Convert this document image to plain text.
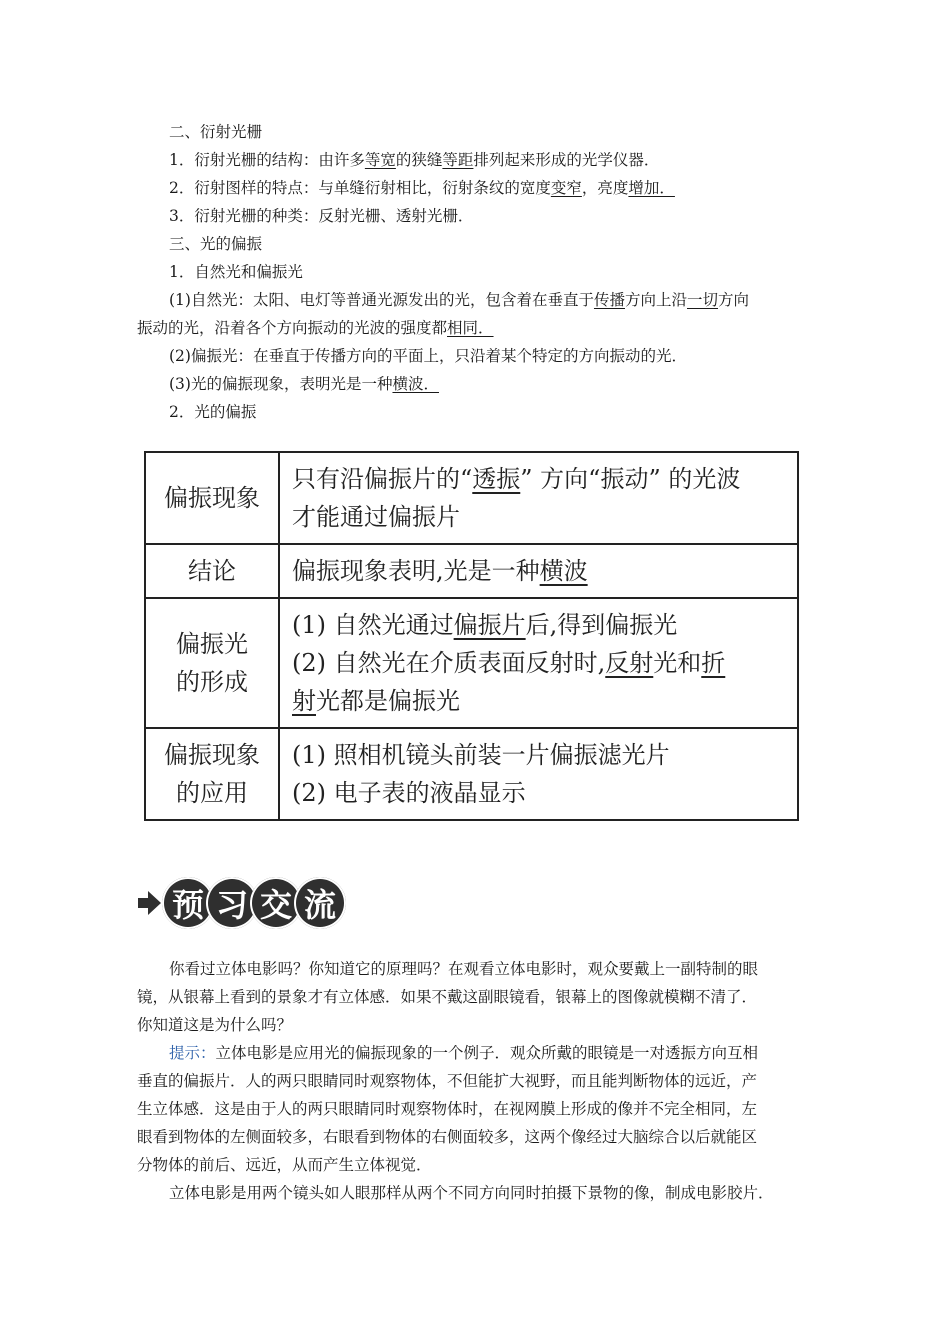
二、衍射光栅
1．衍射光栅的结构：由许多等宽的狭缝等距排列起来形成的光学仪器．
2．衍射图样的特点：与单缝衍射相比，衍射条纹的宽度变窄，亮度增加．
3．衍射光栅的种类：反射光栅、透射光栅．
三、光的偏振
1．自然光和偏振光
(1)自然光：太阳、电灯等普通光源发出的光，包含着在垂直于传播方向上沿一切方向
振动的光，沿着各个方向振动的光波的强度都相同．
(2)偏振光：在垂直于传播方向的平面上，只沿着某个特定的方向振动的光．
(3)光的偏振现象，表明光是一种横波．
2．光的偏振
偏振现象	只有沿偏振片的“透振” 方向“振动” 的光波
才能通过偏振片
结论	偏振现象表明,光是一种横波
偏振光
的形成	(1) 自然光通过偏振片后,得到偏振光
(2) 自然光在介质表面反射时,反射光和折
射光都是偏振光
偏振现象
的应用	(1) 照相机镜头前装一片偏振滤光片
(2) 电子表的液晶显示
预 习 交 流
你看过立体电影吗？你知道它的原理吗？在观看立体电影时，观众要戴上一副特制的眼
镜，从银幕上看到的景象才有立体感．如果不戴这副眼镜看，银幕上的图像就模糊不清了．
你知道这是为什么吗？
提示：立体电影是应用光的偏振现象的一个例子．观众所戴的眼镜是一对透振方向互相
垂直的偏振片．人的两只眼睛同时观察物体，不但能扩大视野，而且能判断物体的远近，产
生立体感．这是由于人的两只眼睛同时观察物体时，在视网膜上形成的像并不完全相同，左
眼看到物体的左侧面较多，右眼看到物体的右侧面较多，这两个像经过大脑综合以后就能区
分物体的前后、远近，从而产生立体视觉．
立体电影是用两个镜头如人眼那样从两个不同方向同时拍摄下景物的像，制成电影胶片．
